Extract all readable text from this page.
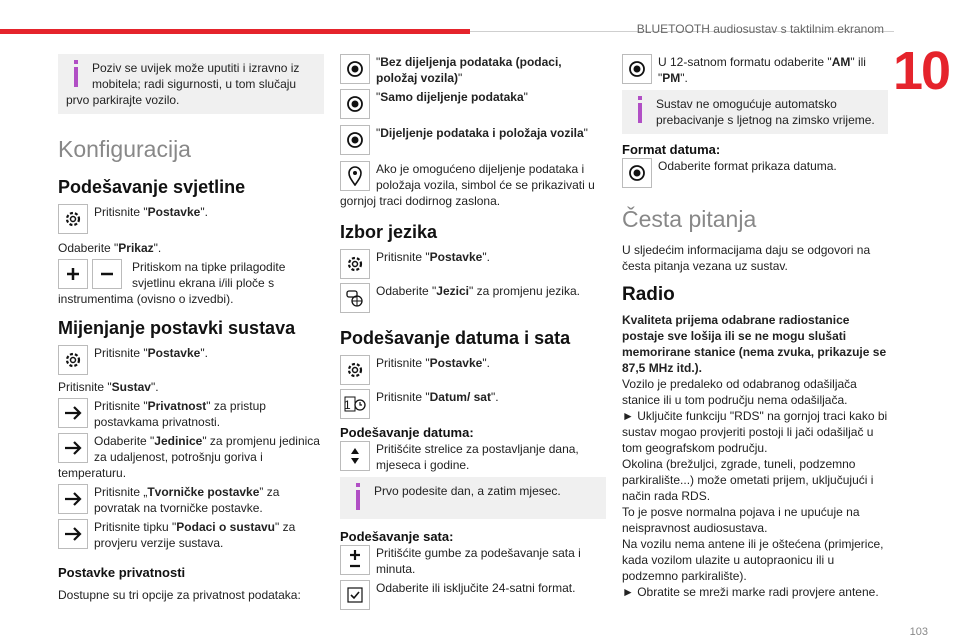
BLUETOOTH audiosustav s taktilnim ekranom
10
Poziv se uvijek može uputiti i izravno iz mobitela; radi sigurnosti, u tom slučaju prvo parkirajte vozilo.
Konfiguracija
Podešavanje svjetline
Pritisnite "Postavke".

Odaberite "Prikaz".

Pritiskom na tipke prilagodite svjetlinu ekrana i/ili ploče s instrumentima (ovisno o izvedbi).
Mijenjanje postavki sustava
Pritisnite "Postavke".

Pritisnite "Sustav".

Pritisnite "Privatnost" za pristup postavkama privatnosti.
Odaberite "Jedinice" za promjenu jedinica za udaljenost, potrošnju goriva i temperaturu.
Pritisnite „Tvorničke postavke” za povratak na tvorničke postavke.
Pritisnite tipku "Podaci o sustavu" za provjeru verzije sustava.
Postavke privatnosti

Dostupne su tri opcije za privatnost podataka:

"Bez dijeljenja podataka (podaci, položaj vozila)"
"Samo dijeljenje podataka"
"Dijeljenje podataka i položaja vozila"
Ako je omogućeno dijeljenje podataka i položaja vozila, simbol će se prikazivati u gornjoj traci dodirnog zaslona.
Izbor jezika
Pritisnite "Postavke".
Odaberite "Jezici" za promjenu jezika.
Podešavanje datuma i sata
Pritisnite "Postavke".
1
Pritisnite "Datum/ sat".
Podešavanje datuma:
Pritišćite strelice za postavljanje dana, mjeseca i godine.
Prvo podesite dan, a zatim mjesec.
Podešavanje sata:
Pritišćite gumbe za podešavanje sata i minuta.
Odaberite ili isključite 24-satni format.
U 12-satnom formatu odaberite "AM" ili "PM".
Sustav ne omogućuje automatsko prebacivanje s ljetnog na zimsko vrijeme.
Format datuma:
Odaberite format prikaza datuma.
Česta pitanja

U sljedećim informacijama daju se odgovori na česta pitanja vezana uz sustav.

Radio

Kvaliteta prijema odabrane radiostanice postaje sve lošija ili se ne mogu slušati memorirane stanice (nema zvuka, prikazuje se 87,5 MHz itd.).

Vozilo je predaleko od odabranog odašiljača stanice ili u tom području nema odašiljača.

► Uključite funkciju "RDS" na gornjoj traci kako bi sustav mogao provjeriti postoji li jači odašiljač u tom geografskom području.

Okolina (brežuljci, zgrade, tuneli, podzemno parkiralište...) može ometati prijem, uključujući i način rada RDS.

To je posve normalna pojava i ne upućuje na neispravnost audiosustava.

Na vozilu nema antene ili je oštećena (primjerice, kada vozilom ulazite u autopraonicu ili u podzemno parkiralište).

► Obratite se mreži marke radi provjere antene.

103
